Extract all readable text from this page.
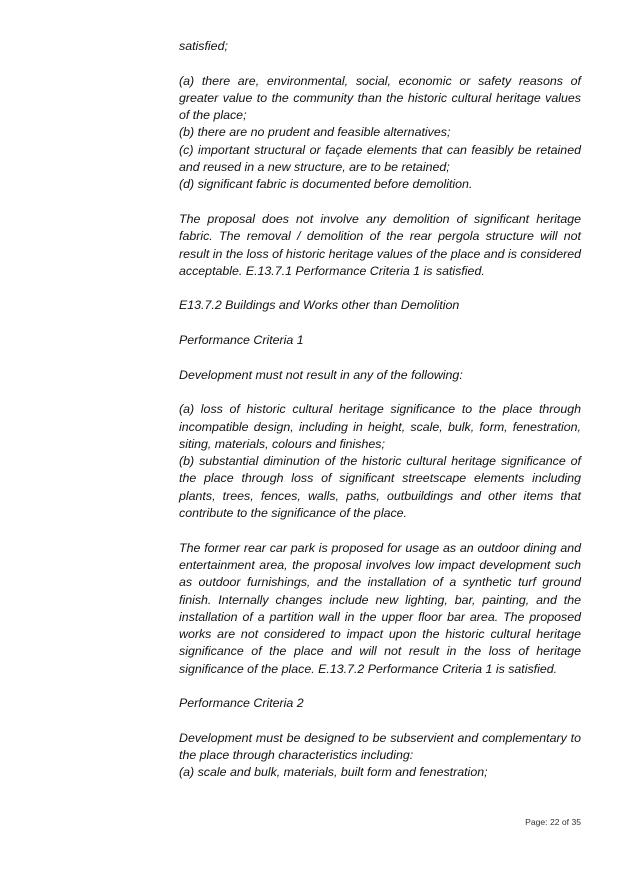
satisfied;

(a) there are, environmental, social, economic or safety reasons of greater value to the community than the historic cultural heritage values of the place;

(b) there are no prudent and feasible alternatives;

(c) important structural or façade elements that can feasibly be retained and reused in a new structure, are to be retained;

(d) significant fabric is documented before demolition.

The proposal does not involve any demolition of significant heritage fabric. The removal / demolition of the rear pergola structure will not result in the loss of historic heritage values of the place and is considered acceptable. E.13.7.1 Performance Criteria 1 is satisfied.

E13.7.2 Buildings and Works other than Demolition

Performance Criteria 1

Development must not result in any of the following:

(a) loss of historic cultural heritage significance to the place through incompatible design, including in height, scale, bulk, form, fenestration, siting, materials, colours and finishes;

(b) substantial diminution of the historic cultural heritage significance of the place through loss of significant streetscape elements including plants, trees, fences, walls, paths, outbuildings and other items that contribute to the significance of the place.

The former rear car park is proposed for usage as an outdoor dining and entertainment area, the proposal involves low impact development such as outdoor furnishings, and the installation of a synthetic turf ground finish. Internally changes include new lighting, bar, painting, and the installation of a partition wall in the upper floor bar area. The proposed works are not considered to impact upon the historic cultural heritage significance of the place and will not result in the loss of heritage significance of the place. E.13.7.2 Performance Criteria 1 is satisfied.

Performance Criteria 2

Development must be designed to be subservient and complementary to the place through characteristics including:

(a) scale and bulk, materials, built form and fenestration;

Page: 22 of 35
